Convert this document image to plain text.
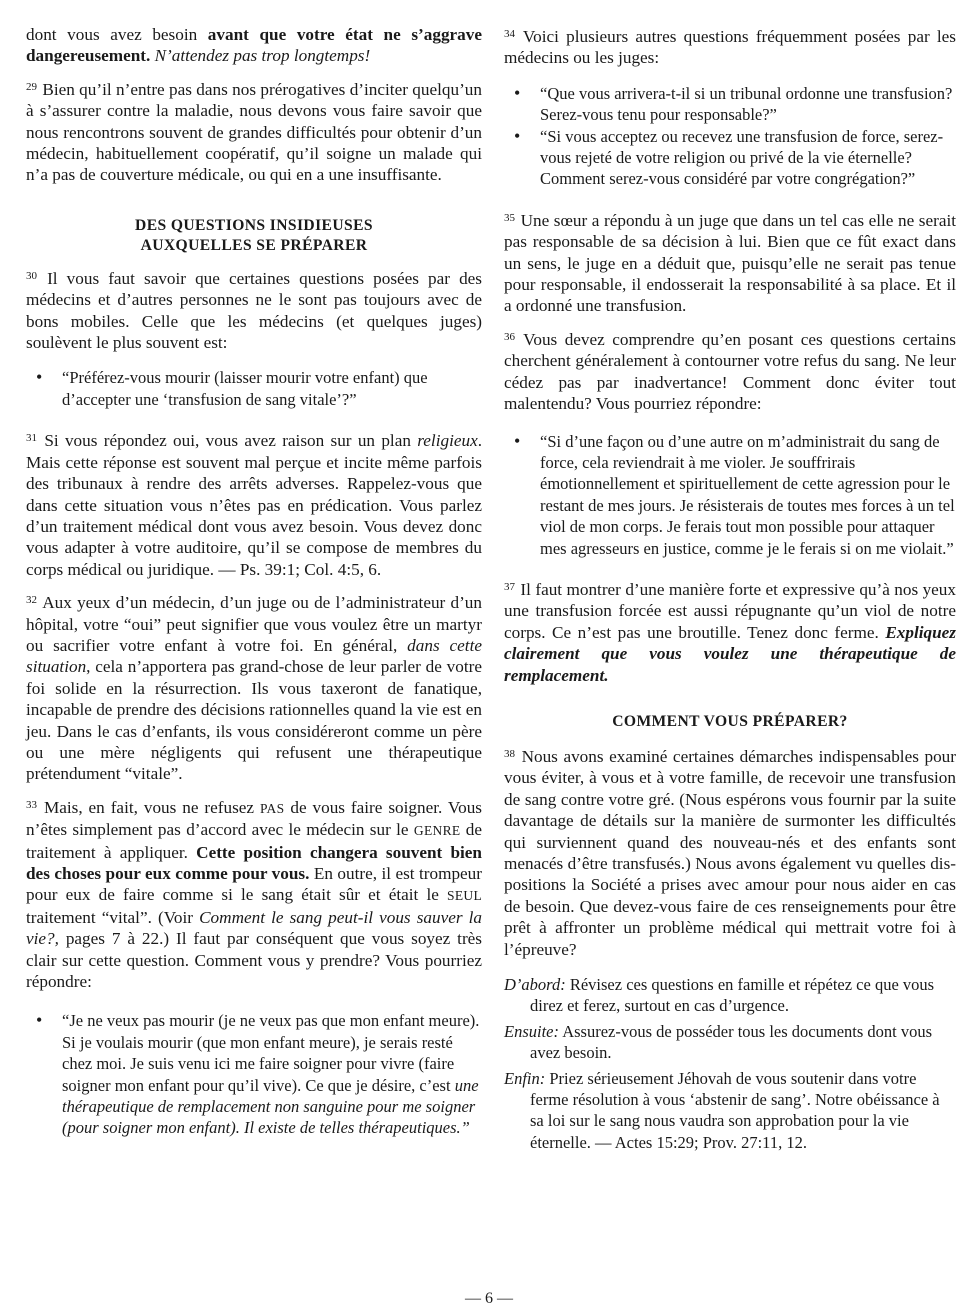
dont vous avez besoin avant que votre état ne s’aggrave dangereusement. N’attendez pas trop longtemps!

$^{29}$ Bien qu’il n’entre pas dans nos prérogatives d’inciter quelqu’un à s’assurer contre la maladie, nous devons vous faire savoir que nous rencontrons souvent de grandes difficultés pour obtenir d’un médecin, habituellement coopératif, qu’il soigne un malade qui n’a pas de couverture médicale, ou qui en a une insuffisante.

DES QUESTIONS INSIDIEUSES
AUXQUELLES SE PRÉPARER

$^{30}$ Il vous faut savoir que certaines questions posées par des médecins et d’autres personnes ne le sont pas toujours avec de bons mobiles. Celle que les médecins (et quelques juges) soulèvent le plus souvent est:

• “Préférez-vous mourir (laisser mourir votre enfant) que d’accepter une ‘transfusion de sang vitale’?”

$^{31}$ Si vous répondez oui, vous avez raison sur un plan religieux. Mais cette réponse est souvent mal perçue et incite même parfois des tribunaux à rendre des arrêts adverses. Rappelez-vous que dans cette situation vous n’êtes pas en prédication. Vous parlez d’un traitement médical dont vous avez besoin. Vous devez donc vous adapter à votre auditoire, qu’il se compose de membres du corps médical ou juridique. — Ps. 39:1; Col. 4:5, 6.

$^{32}$ Aux yeux d’un médecin, d’un juge ou de l’administrateur d’un hôpital, votre “oui” peut signifier que vous voulez être un martyr ou sacrifier votre enfant à votre foi. En général, dans cette situation, cela n’apportera pas grand-chose de leur parler de votre foi solide en la résurrection. Ils vous taxeront de fanatique, incapable de prendre des décisions rationnelles quand la vie est en jeu. Dans le cas d’enfants, ils vous considéreront comme un père ou une mère négligents qui refusent une thérapeutique prétendument “vitale”.

$^{33}$ Mais, en fait, vous ne refusez PAS de vous faire soigner. Vous n’êtes simplement pas d’accord avec le médecin sur le GENRE de traitement à appliquer. Cette position changera souvent bien des choses pour eux comme pour vous. En outre, il est trompeur pour eux de faire comme si le sang était sûr et était le SEUL traitement “vital”. (Voir Comment le sang peut-il vous sauver la vie?, pages 7 à 22.) Il faut par conséquent que vous soyez très clair sur cette question. Comment vous y prendre? Vous pourriez répondre:

• “Je ne veux pas mourir (je ne veux pas que mon enfant meure). Si je voulais mourir (que mon enfant meure), je serais resté chez moi. Je suis venu ici me faire soigner pour vivre (faire soigner mon enfant pour qu’il vive). Ce que je désire, c’est une thérapeutique de remplacement non sanguine pour me soigner (pour soigner mon enfant). Il existe de telles thérapeutiques.”

$^{34}$ Voici plusieurs autres questions fréquemment posées par les médecins ou les juges:

• “Que vous arrivera-t-il si un tribunal ordonne une transfusion? Serez-vous tenu pour responsable?”
• “Si vous acceptez ou recevez une transfusion de force, serez-vous rejeté de votre religion ou privé de la vie éternelle? Comment serez-vous considéré par votre congrégation?”

$^{35}$ Une sœur a répondu à un juge que dans un tel cas elle ne serait pas responsable de sa décision à lui. Bien que ce fût exact dans un sens, le juge en a déduit que, puisqu’elle ne serait pas tenue pour responsable, il endosserait la responsabilité à sa place. Et il a ordonné une transfusion.

$^{36}$ Vous devez comprendre qu’en posant ces questions certains cherchent généralement à contourner votre refus du sang. Ne leur cédez pas par inadvertance! Comment donc éviter tout malentendu? Vous pourriez répondre:

• “Si d’une façon ou d’une autre on m’administrait du sang de force, cela reviendrait à me violer. Je souffrirais émotionnellement et spirituellement de cette agression pour le restant de mes jours. Je résisterais de toutes mes forces à un tel viol de mon corps. Je ferais tout mon possible pour attaquer mes agresseurs en justice, comme je le ferais si on me violait.”

$^{37}$ Il faut montrer d’une manière forte et expressive qu’à nos yeux une transfusion forcée est aussi répugnante qu’un viol de notre corps. Ce n’est pas une broutille. Tenez donc ferme. Expliquez clairement que vous voulez une thérapeutique de remplacement.

COMMENT VOUS PRÉPARER?

$^{38}$ Nous avons examiné certaines démarches indispensables pour vous éviter, à vous et à votre famille, de recevoir une transfusion de sang contre votre gré. (Nous espérons vous fournir par la suite davantage de détails sur la manière de surmonter les difficultés qui surviennent quand des nouveau-nés et des enfants sont menacés d’être transfusés.) Nous avons également vu quelles dispositions la Société a prises avec amour pour nous aider en cas de besoin. Que devez-vous faire de ces renseignements pour être prêt à affronter un problème médical qui mettrait votre foi à l’épreuve?

D’abord: Révisez ces questions en famille et répétez ce que vous direz et ferez, surtout en cas d’urgence.

Ensuite: Assurez-vous de posséder tous les documents dont vous avez besoin.

Enfin: Priez sérieusement Jéhovah de vous soutenir dans votre ferme résolution à vous ‘abstenir de sang’. Notre obéissance à sa loi sur le sang nous vaudra son approbation pour la vie éternelle. — Actes 15:29; Prov. 27:11, 12.

— 6 —
